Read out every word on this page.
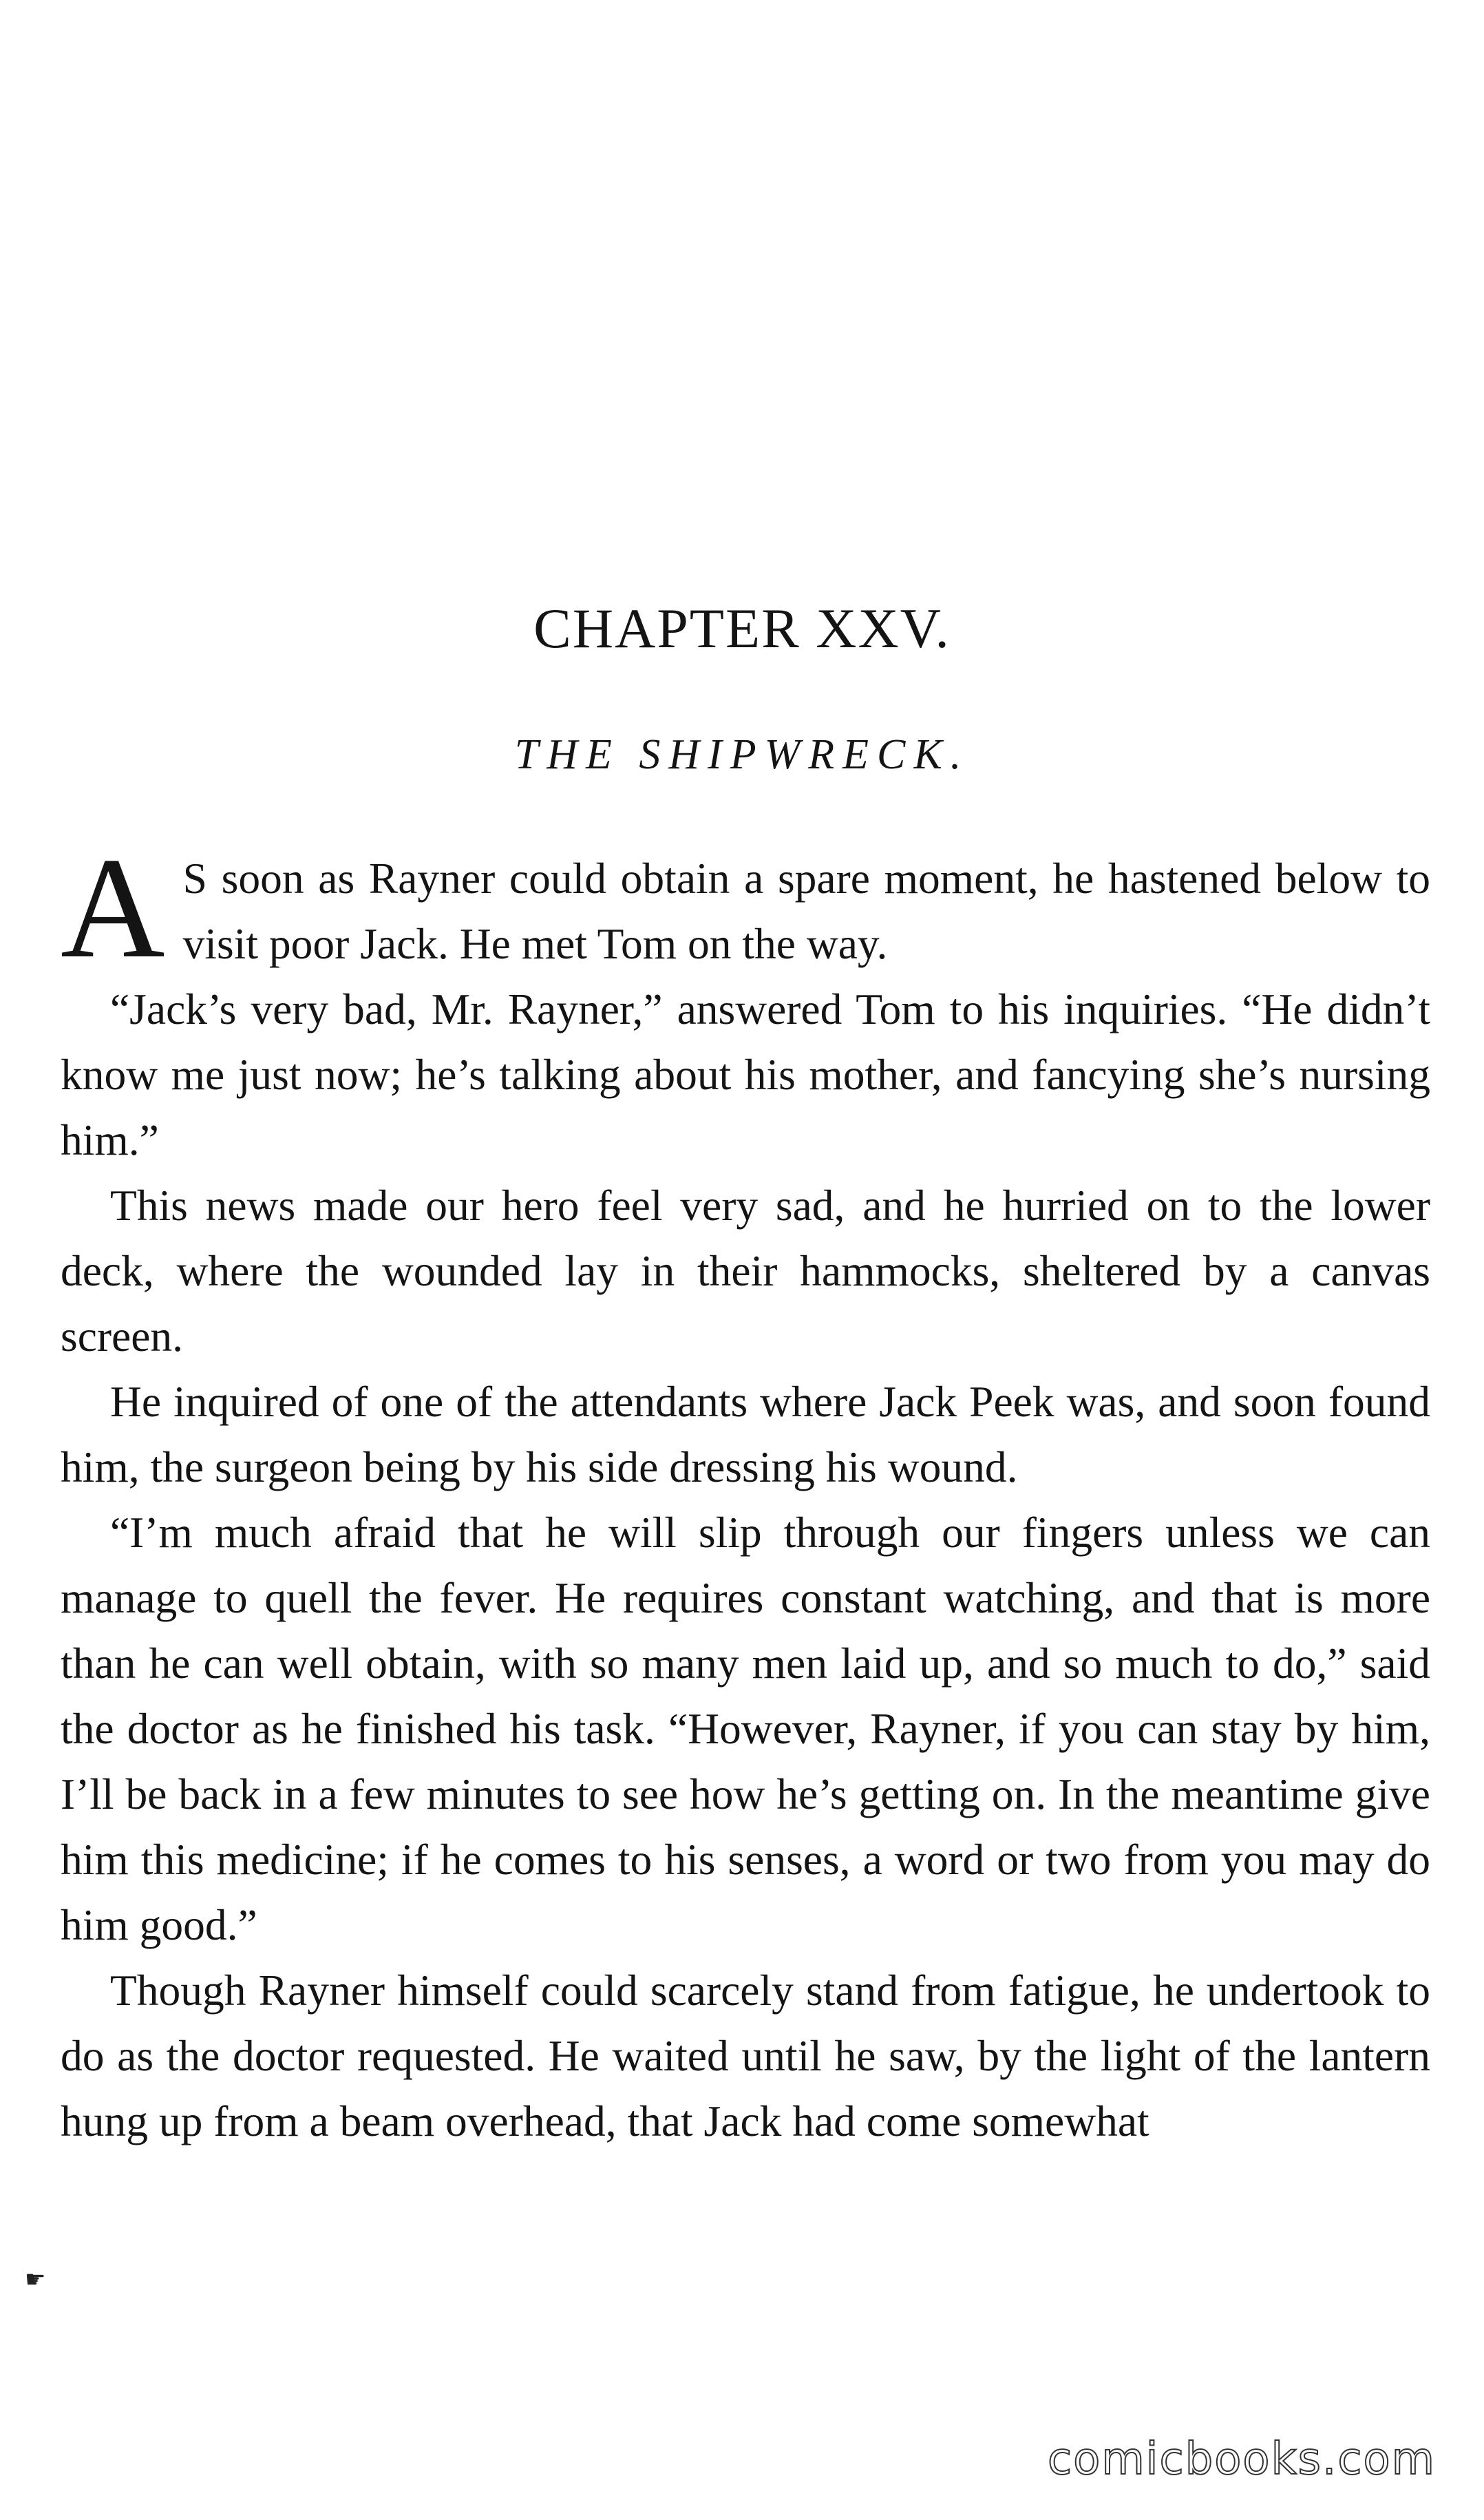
CHAPTER XXV.
THE SHIPWRECK.

A S soon as Rayner could obtain a spare moment, he hastened below to visit poor Jack. He met Tom on the way.

“Jack’s very bad, Mr. Rayner,” answered Tom to his inquiries. “He didn’t know me just now; he’s talking about his mother, and fancying she’s nursing him.”

This news made our hero feel very sad, and he hurried on to the lower deck, where the wounded lay in their hammocks, sheltered by a canvas screen.

He inquired of one of the attendants where Jack Peek was, and soon found him, the surgeon being by his side dressing his wound.

“I’m much afraid that he will slip through our fingers unless we can manage to quell the fever. He requires constant watching, and that is more than he can well obtain, with so many men laid up, and so much to do,” said the doctor as he finished his task. “However, Rayner, if you can stay by him, I’ll be back in a few minutes to see how he’s getting on. In the meantime give him this medicine; if he comes to his senses, a word or two from you may do him good.”

Though Rayner himself could scarcely stand from fatigue, he undertook to do as the doctor requested. He waited until he saw, by the light of the lantern hung up from a beam overhead, that Jack had come somewhat

☛
comicbooks.com
